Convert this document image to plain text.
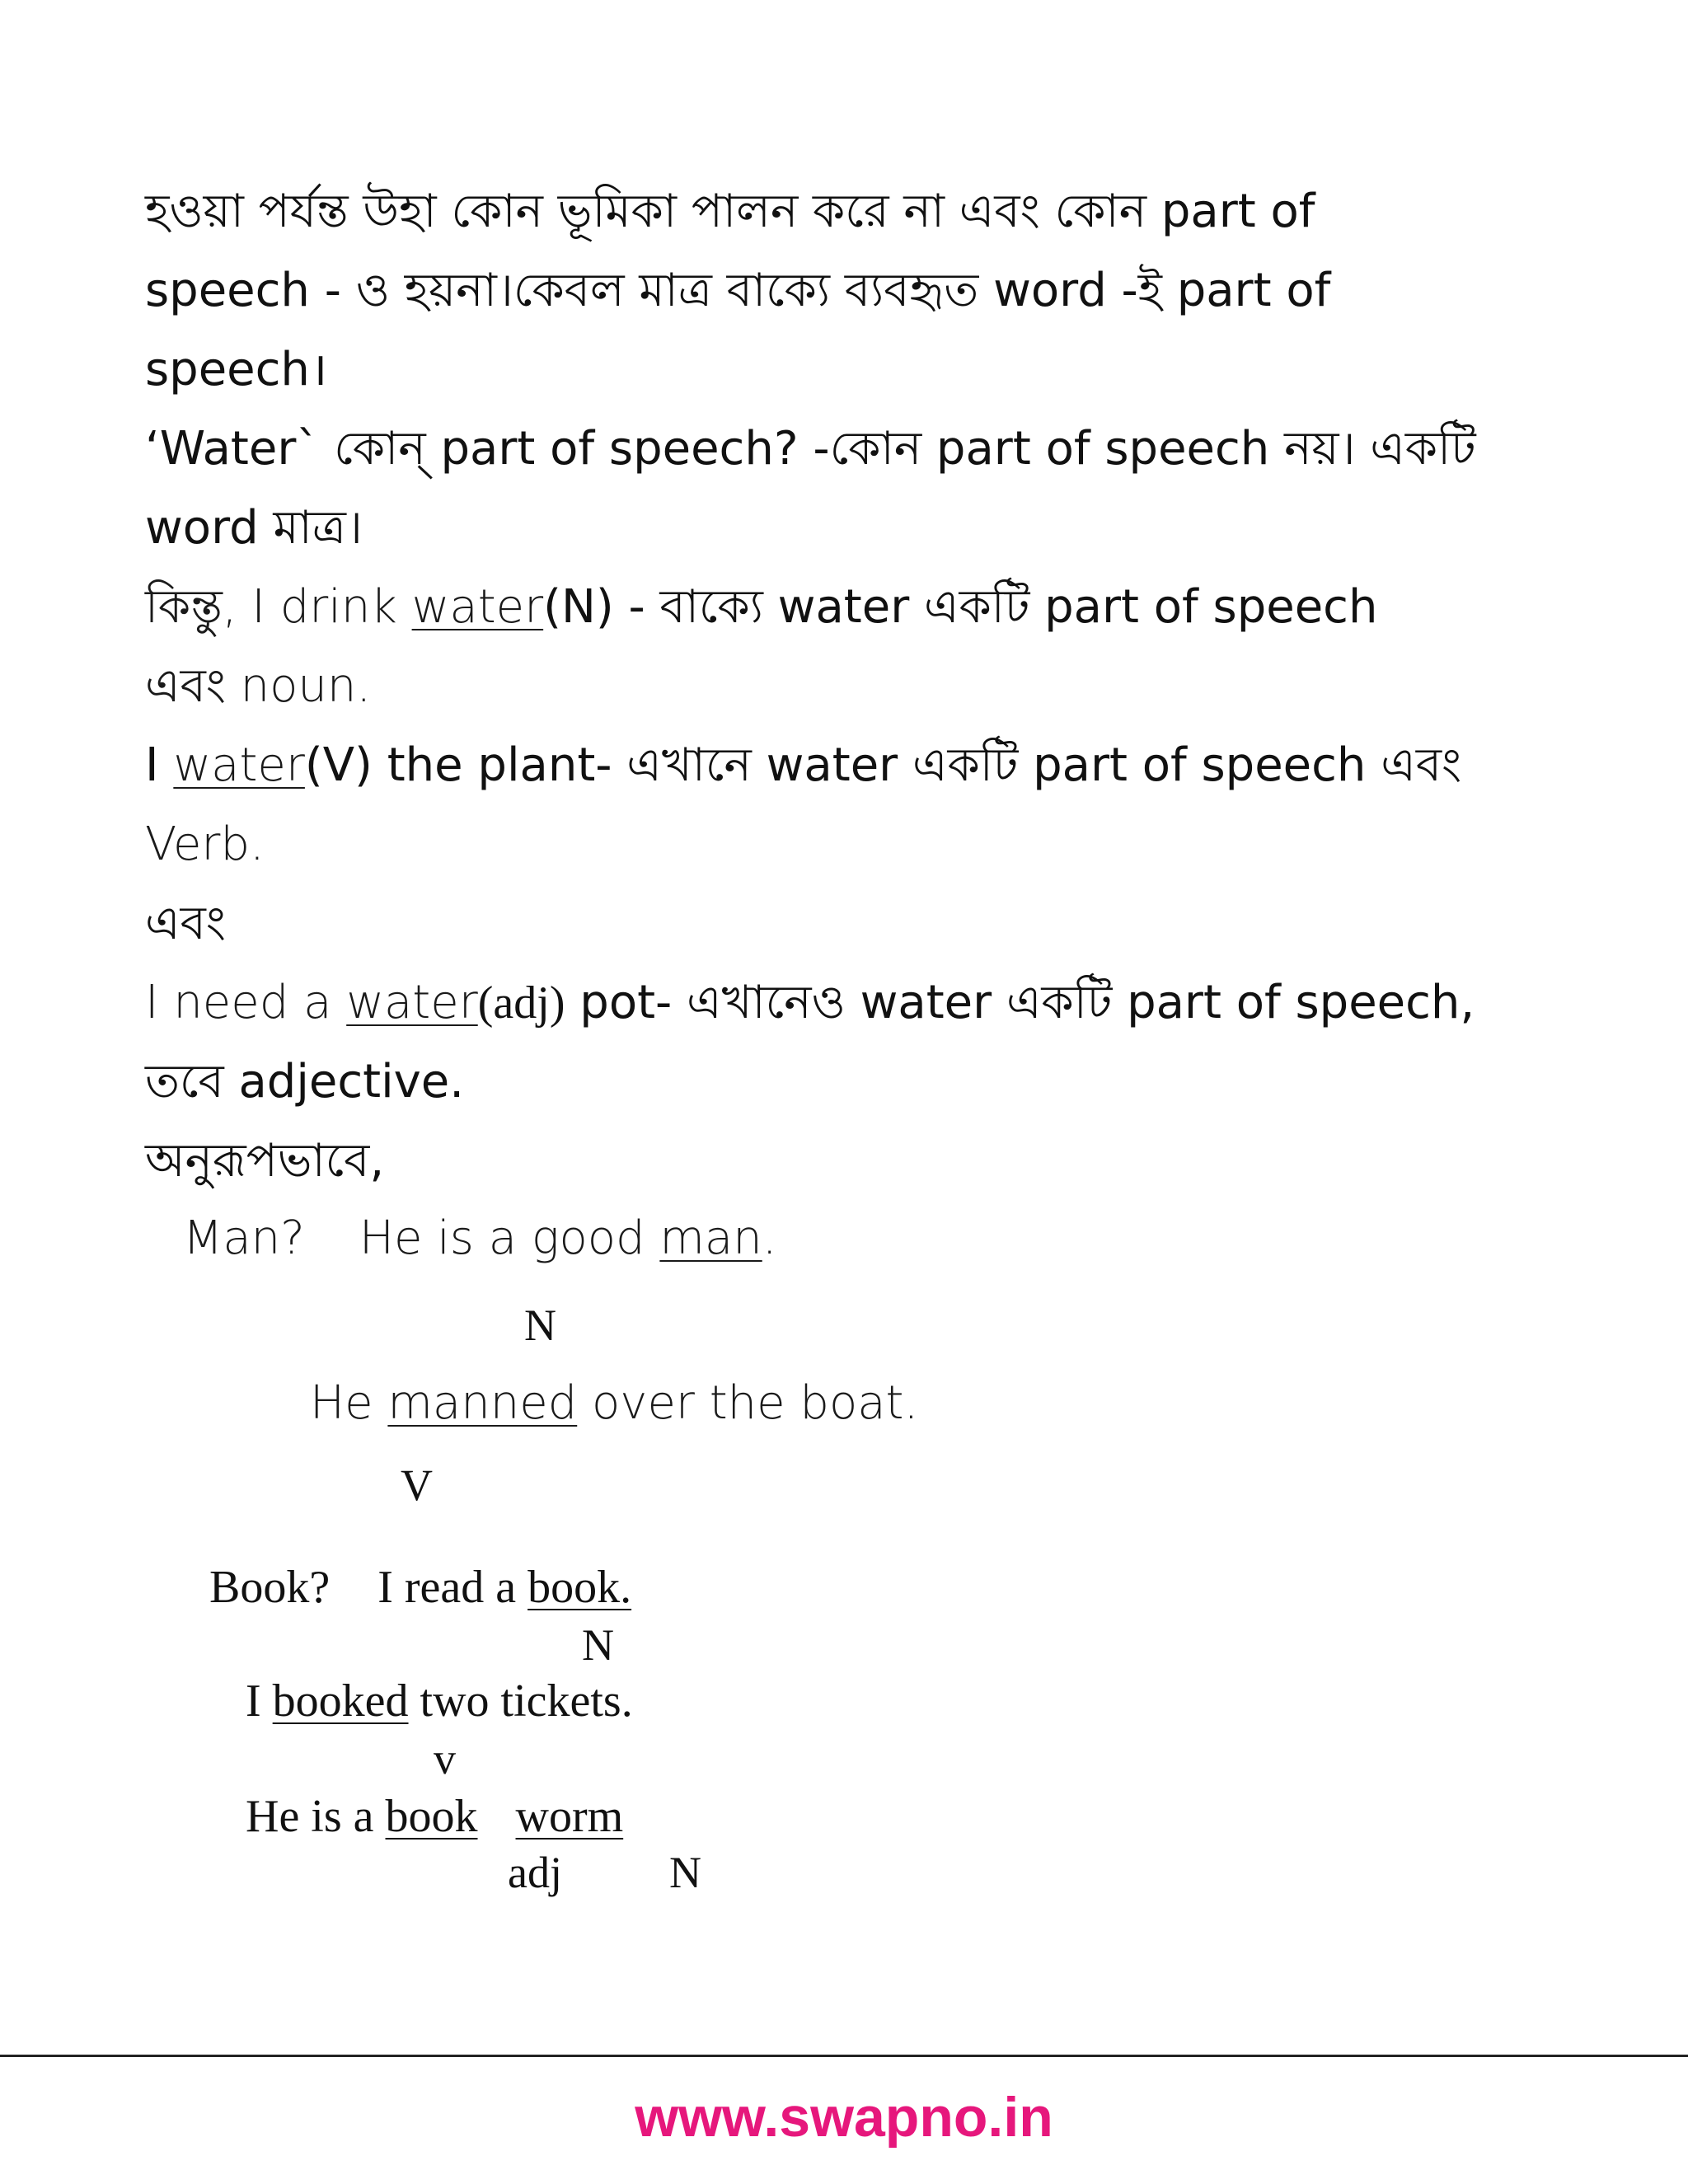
হওয়া পর্যন্ত উহা কোন ভূমিকা পালন করে না এবং কোন part of
speech - ও হয়না।কেবল মাত্র বাক্যে ব্যবহৃত word -ই part of
speech।
‘Water` কোন্ part of speech? -কোন part of speech নয়। একটি
word মাত্র।
কিন্তু, I drink water(N) - বাক্যে water একটি part of speech
এবং noun.
I water(V) the plant- এখানে water একটি part of speech এবং
Verb.
এবং
I need a water(adj) pot- এখানেও water একটি part of speech,
তবে adjective.
অনুরূপভাবে,
Man? He is a good man.
N
He manned over the boat.
V
Book? I read a book.
N
I booked two tickets.
v
He is a book worm
adj N
www.swapno.in
